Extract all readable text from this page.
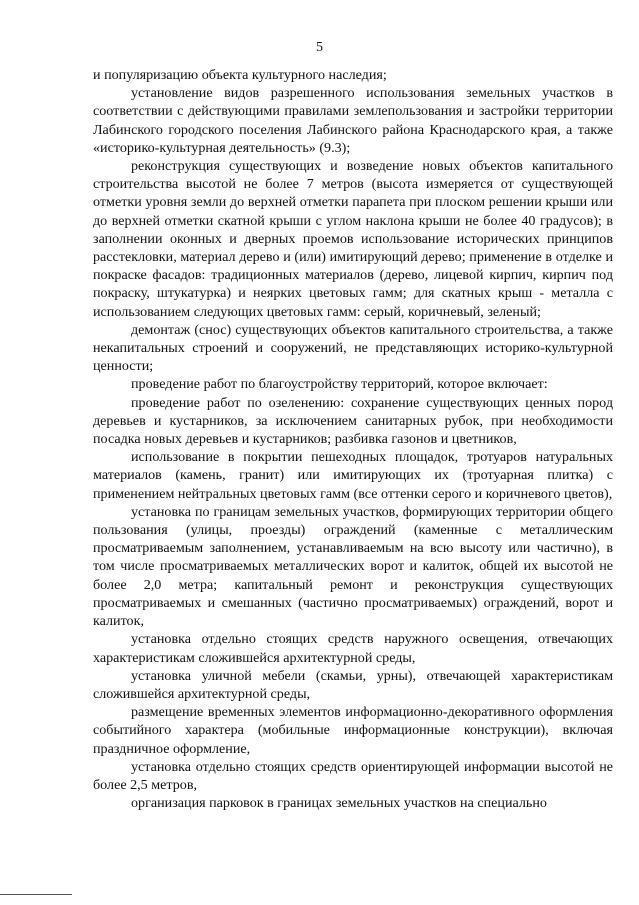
5

и популяризацию объекта культурного наследия;

установление видов разрешенного использования земельных участков в соответствии с действующими правилами землепользования и застройки территории Лабинского городского поселения Лабинского района Краснодарского края, а также «историко-культурная деятельность» (9.3);

реконструкция существующих и возведение новых объектов капитального строительства высотой не более 7 метров (высота измеряется от существующей отметки уровня земли до верхней отметки парапета при плоском решении крыши или до верхней отметки скатной крыши с углом наклона крыши не более 40 градусов); в заполнении оконных и дверных проемов использование исторических принципов расстекловки, материал дерево и (или) имитирующий дерево; применение в отделке и покраске фасадов: традиционных материалов (дерево, лицевой кирпич, кирпич под покраску, штукатурка) и неярких цветовых гамм; для скатных крыш - металла с использованием следующих цветовых гамм: серый, коричневый, зеленый;

демонтаж (снос) существующих объектов капитального строительства, а также некапитальных строений и сооружений, не представляющих историко-культурной ценности;

проведение работ по благоустройству территорий, которое включает:

проведение работ по озеленению: сохранение существующих ценных пород деревьев и кустарников, за исключением санитарных рубок, при необходимости посадка новых деревьев и кустарников; разбивка газонов и цветников,

использование в покрытии пешеходных площадок, тротуаров натуральных материалов (камень, гранит) или имитирующих их (тротуарная плитка) с применением нейтральных цветовых гамм (все оттенки серого и коричневого цветов),

установка по границам земельных участков, формирующих территории общего пользования (улицы, проезды) ограждений (каменные с металлическим просматриваемым заполнением, устанавливаемым на всю высоту или частично), в том числе просматриваемых металлических ворот и калиток, общей их высотой не более 2,0 метра; капитальный ремонт и реконструкция существующих просматриваемых и смешанных (частично просматриваемых) ограждений, ворот и калиток,

установка отдельно стоящих средств наружного освещения, отвечающих характеристикам сложившейся архитектурной среды,

установка уличной мебели (скамьи, урны), отвечающей характеристикам сложившейся архитектурной среды,

размещение временных элементов информационно-декоративного оформления событийного характера (мобильные информационные конструкции), включая праздничное оформление,

установка отдельно стоящих средств ориентирующей информации высотой не более 2,5 метров,

организация парковок в границах земельных участков на специально
